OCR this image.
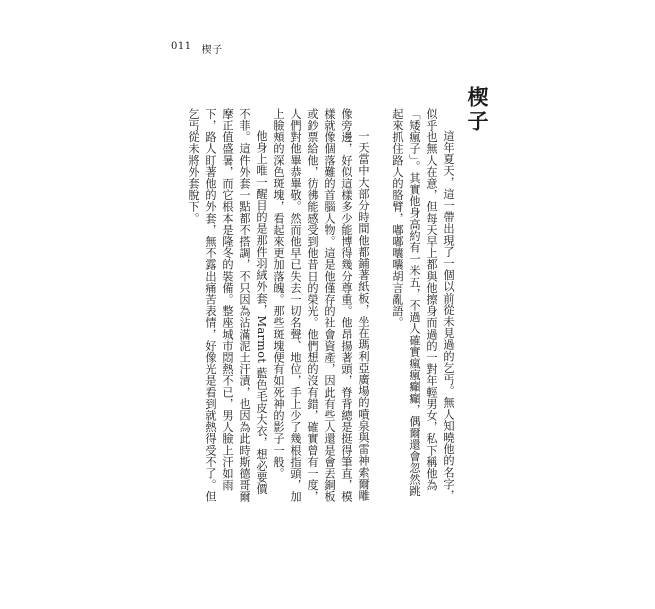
011 楔子
楔子

這年夏天，這一帶出現了一個以前從未見過的乞丐。無人知曉他的名字，似乎也無人在意，但每天早上都與他擦身而過的一對年輕男女，私下稱他為「矮瘋子」。其實他身高約有一米五，不過人確實瘋瘋癲癲，偶爾還會忽然跳起來抓住路人的胳臂，嘟嘟囔囔胡言亂語。

一天當中大部分時間他都鋪著紙板，坐在瑪利亞廣場的噴泉與雷神索爾雕像旁邊，好似這樣多少能博得幾分尊重。他昂揚著頭，脊背總是挺得筆直，模樣就像個落難的首腦人物。這是他僅存的社會資產，因此有些人還是會丟銅板或鈔票給他，彷彿能感受到他昔日的榮光。他們想的沒有錯，確實曾有一度，人們對他畢恭畢敬。然而他早已失去一切名聲、地位，手上少了幾根指頭，加上臉頰的深色斑塊，看起來更加落魄。那些斑塊便有如死神的影子一般。

他身上唯一醒目的是那件羽絨外套，Marmot 藍色毛皮大衣，想必要價不菲。這件外套一點都不搭調，不只因為沾滿泥土汗漬，也因為此時斯德哥爾摩正值盛暑，而它根本是隆冬的裝備。整座城市悶熱不已，男人臉上汗如雨下，路人盯著他的外套，無不露出痛苦表情，好像光是看到就熱得受不了。但乞丐從未將外套脫下。
